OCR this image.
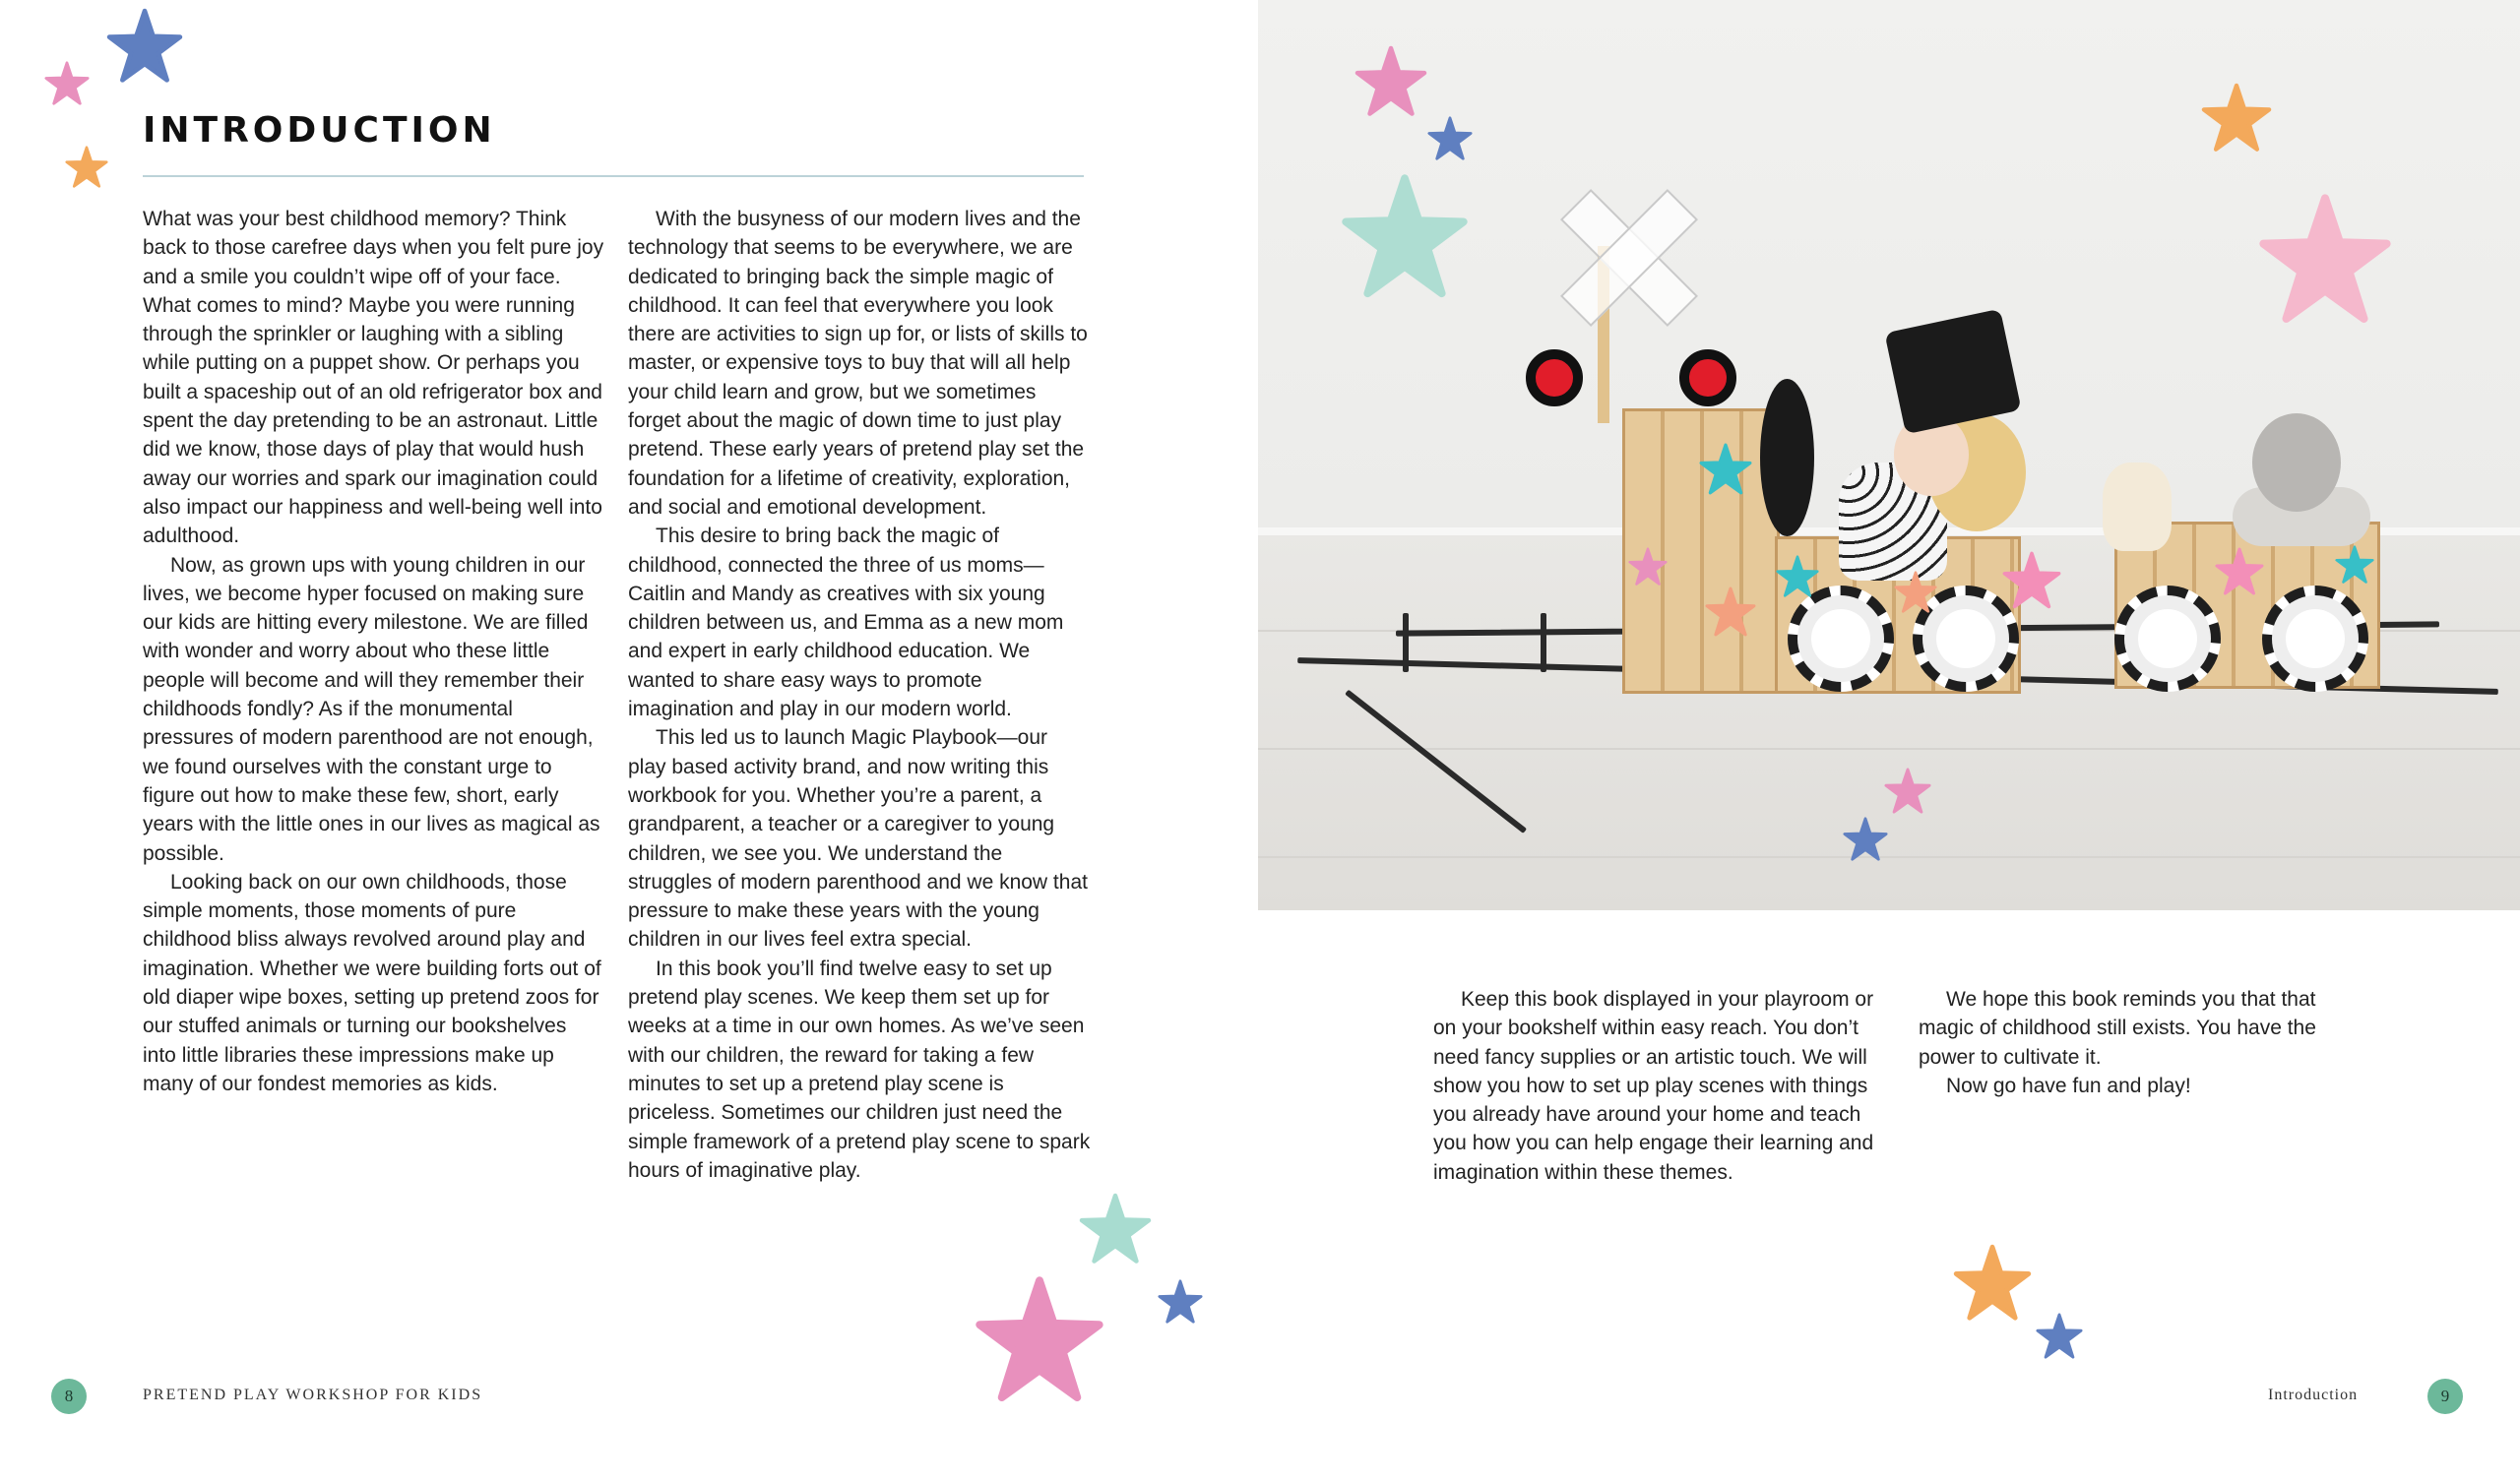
INTRODUCTION

What was your best childhood memory? Think back to those carefree days when you felt pure joy and a smile you couldn’t wipe off of your face. What comes to mind? Maybe you were running through the sprinkler or laughing with a sibling while putting on a puppet show. Or perhaps you built a spaceship out of an old refrigerator box and spent the day pretending to be an astronaut. Little did we know, those days of play that would hush away our worries and spark our imagination could also impact our happiness and well-being well into adulthood.

Now, as grown ups with young children in our lives, we become hyper focused on making sure our kids are hitting every milestone. We are filled with wonder and worry about who these little people will become and will they remember their childhoods fondly? As if the monumental pressures of modern parenthood are not enough, we found ourselves with the constant urge to figure out how to make these few, short, early years with the little ones in our lives as magical as possible.

Looking back on our own childhoods, those simple moments, those moments of pure childhood bliss always revolved around play and imagination. Whether we were building forts out of old diaper wipe boxes, setting up pretend zoos for our stuffed animals or turning our bookshelves into little libraries these impressions make up many of our fondest memories as kids.

With the busyness of our modern lives and the technology that seems to be everywhere, we are dedicated to bringing back the simple magic of childhood. It can feel that everywhere you look there are activities to sign up for, or lists of skills to master, or expensive toys to buy that will all help your child learn and grow, but we sometimes forget about the magic of down time to just play pretend. These early years of pretend play set the foundation for a lifetime of creativity, exploration, and social and emotional development.

This desire to bring back the magic of childhood, connected the three of us moms—Caitlin and Mandy as creatives with six young children between us, and Emma as a new mom and expert in early childhood education. We wanted to share easy ways to promote imagination and play in our modern world.

This led us to launch Magic Playbook—our play based activity brand, and now writing this workbook for you. Whether you’re a parent, a grandparent, a teacher or a caregiver to young children, we see you. We understand the struggles of modern parenthood and we know that pressure to make these years with the young children in our lives feel extra special.

In this book you’ll find twelve easy to set up pretend play scenes. We keep them set up for weeks at a time in our own homes. As we’ve seen with our children, the reward for taking a few minutes to set up a pretend play scene is priceless. Sometimes our children just need the simple framework of a pretend play scene to spark hours of imaginative play.

8	PRETEND PLAY WORKSHOP FOR KIDS

Keep this book displayed in your playroom or on your bookshelf within easy reach. You don’t need fancy supplies or an artistic touch. We will show you how to set up play scenes with things you already have around your home and teach you how you can help engage their learning and imagination within these themes.

We hope this book reminds you that that magic of childhood still exists. You have the power to cultivate it.

Now go have fun and play!

Introduction	9
